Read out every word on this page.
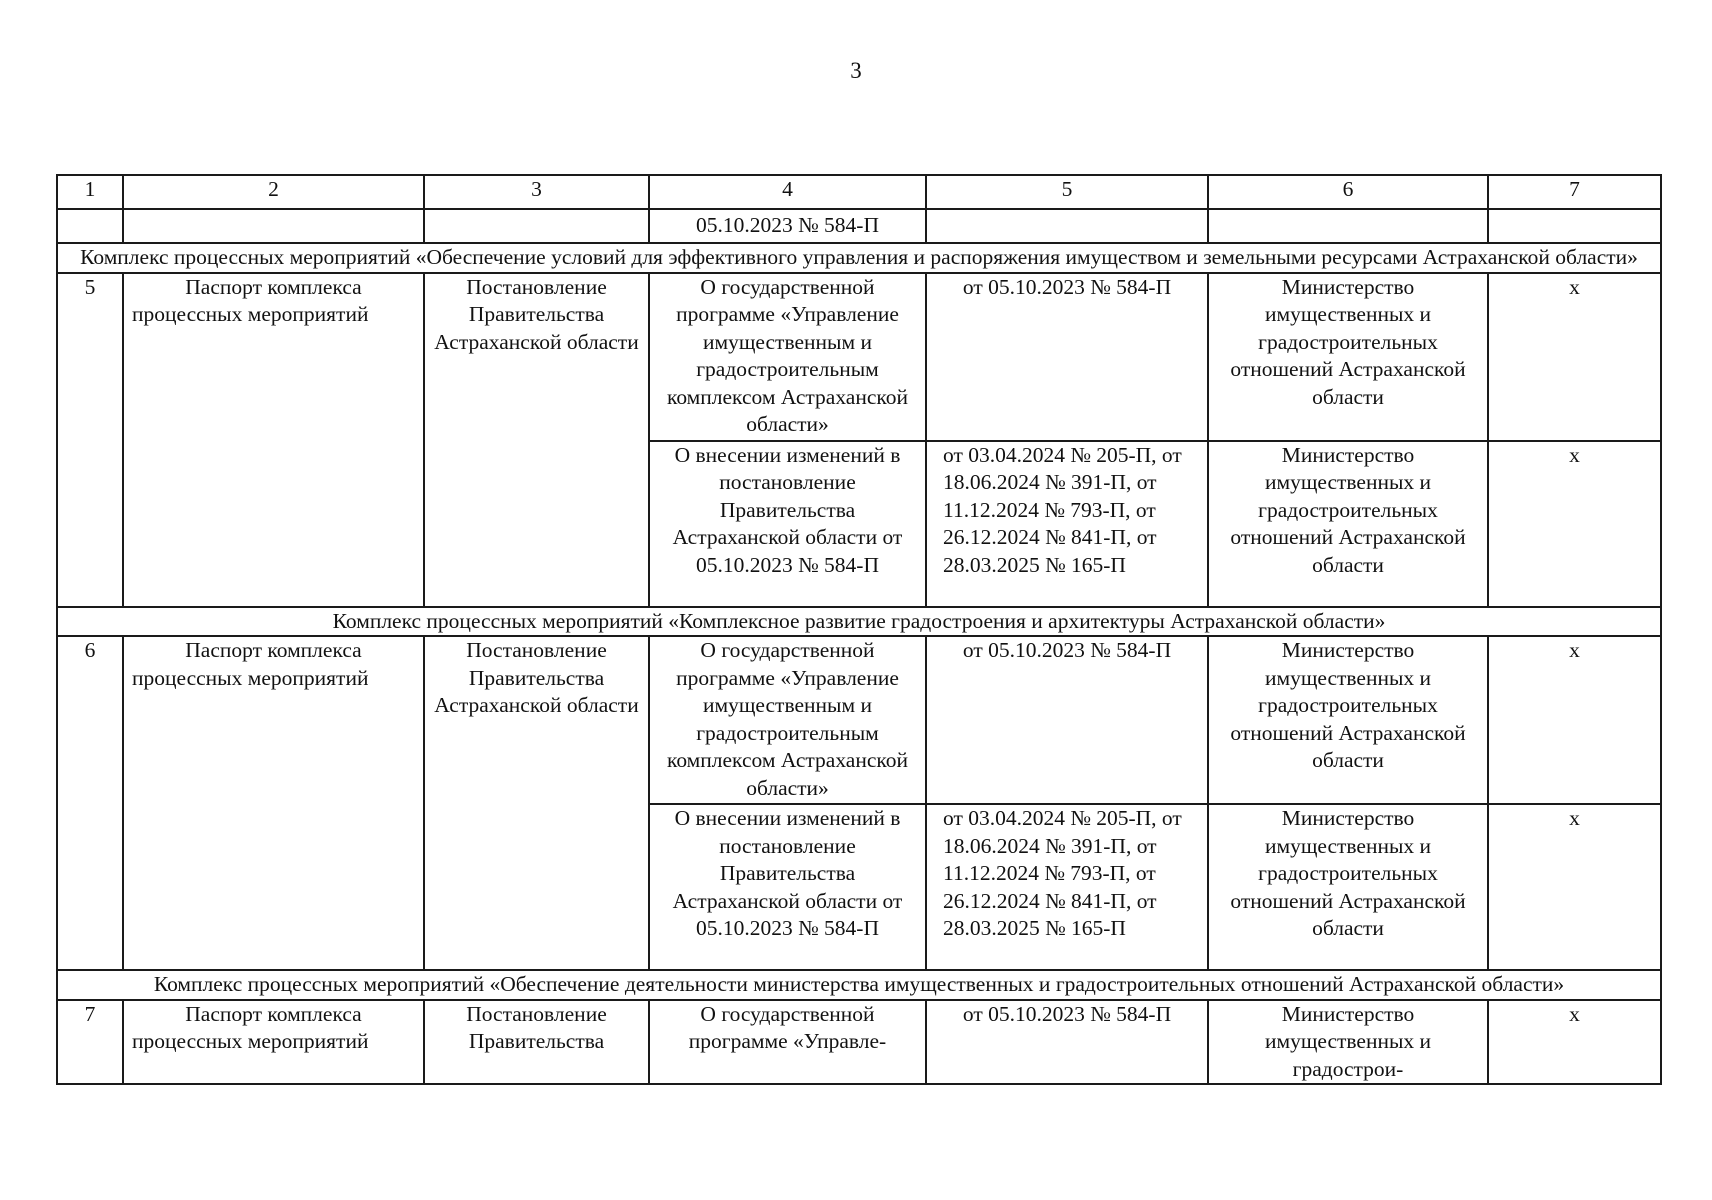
3
1	2	3	4	5	6	7
			05.10.2023 № 584-П			
Комплекс процессных мероприятий «Обеспечение условий для эффективного управления и распоряжения имуществом и земельными ресурсами Астраханской области»						
5	Паспорт комплекса процессных мероприятий	Постановление Правительства Астраханской области	О государственной программе «Управление имущественным и градостроительным комплексом Астраханской области»	от 05.10.2023 № 584-П	Министерство имущественных и градостроительных отношений Астраханской области	х
			О внесении изменений в постановление Правительства Астраханской области от 05.10.2023 № 584-П	от 03.04.2024 № 205-П, от 18.06.2024 № 391-П, от 11.12.2024 № 793-П, от 26.12.2024 № 841-П, от 28.03.2025 № 165-П	Министерство имущественных и градостроительных отношений Астраханской области	х
Комплекс процессных мероприятий «Комплексное развитие градостроения и архитектуры Астраханской области»						
6	Паспорт комплекса процессных мероприятий	Постановление Правительства Астраханской области	О государственной программе «Управление имущественным и градостроительным комплексом Астраханской области»	от 05.10.2023 № 584-П	Министерство имущественных и градостроительных отношений Астраханской области	х
			О внесении изменений в постановление Правительства Астраханской области от 05.10.2023 № 584-П	от 03.04.2024 № 205-П, от 18.06.2024 № 391-П, от 11.12.2024 № 793-П, от 26.12.2024 № 841-П, от 28.03.2025 № 165-П	Министерство имущественных и градостроительных отношений Астраханской области	х
Комплекс процессных мероприятий «Обеспечение деятельности министерства имущественных и градостроительных отношений Астраханской области»						
7	Паспорт комплекса процессных мероприятий	Постановление Правительства	О государственной программе «Управле-	от 05.10.2023 № 584-П	Министерство имущественных и градострои-	х
